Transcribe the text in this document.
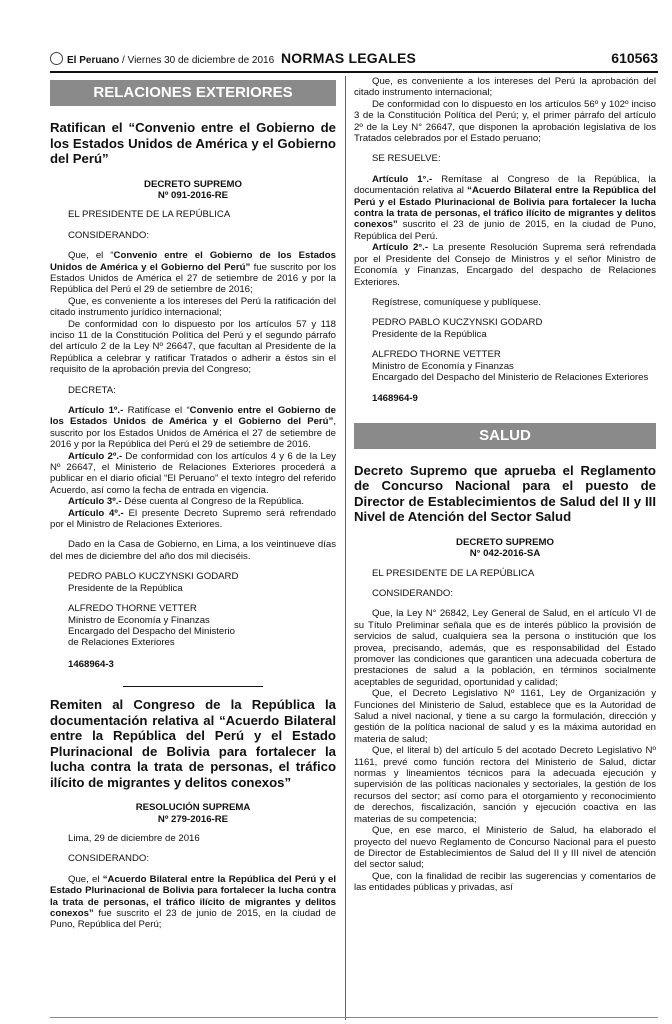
El Peruano / Viernes 30 de diciembre de 2016 NORMAS LEGALES	610563
RELACIONES EXTERIORES
Ratifican el “Convenio entre el Gobierno de los Estados Unidos de América y el Gobierno del Perú”
DECRETO SUPREMO
Nº 091-2016-RE

EL PRESIDENTE DE LA REPÚBLICA

CONSIDERANDO:

Que, el “Convenio entre el Gobierno de los Estados Unidos de América y el Gobierno del Perú” fue suscrito por los Estados Unidos de América el 27 de setiembre de 2016 y por la República del Perú el 29 de setiembre de 2016;

Que, es conveniente a los intereses del Perú la ratificación del citado instrumento jurídico internacional;

De conformidad con lo dispuesto por los artículos 57 y 118 inciso 11 de la Constitución Política del Perú y el segundo párrafo del artículo 2 de la Ley Nº 26647, que facultan al Presidente de la República a celebrar y ratificar Tratados o adherir a éstos sin el requisito de la aprobación previa del Congreso;

DECRETA:

Artículo 1º.- Ratifícase el “Convenio entre el Gobierno de los Estados Unidos de América y el Gobierno del Perú”, suscrito por los Estados Unidos de América el 27 de setiembre de 2016 y por la República del Perú el 29 de setiembre de 2016.

Artículo 2º.- De conformidad con los artículos 4 y 6 de la Ley Nº 26647, el Ministerio de Relaciones Exteriores procederá a publicar en el diario oficial “El Peruano” el texto íntegro del referido Acuerdo, así como la fecha de entrada en vigencia.

Artículo 3º.- Dése cuenta al Congreso de la República.

Artículo 4º.- El presente Decreto Supremo será refrendado por el Ministro de Relaciones Exteriores.

Dado en la Casa de Gobierno, en Lima, a los veintinueve días del mes de diciembre del año dos mil dieciséis.

PEDRO PABLO KUCZYNSKI GODARD
Presidente de la República
ALFREDO THORNE VETTER
Ministro de Economía y Finanzas
Encargado del Despacho del Ministerio
de Relaciones Exteriores
1468964-3
Remiten al Congreso de la República la documentación relativa al “Acuerdo Bilateral entre la República del Perú y el Estado Plurinacional de Bolivia para fortalecer la lucha contra la trata de personas, el tráfico ilícito de migrantes y delitos conexos”
RESOLUCIÓN SUPREMA
Nº 279-2016-RE

Lima, 29 de diciembre de 2016

CONSIDERANDO:

Que, el “Acuerdo Bilateral entre la República del Perú y el Estado Plurinacional de Bolivia para fortalecer la lucha contra la trata de personas, el tráfico ilícito de migrantes y delitos conexos” fue suscrito el 23 de junio de 2015, en la ciudad de Puno, República del Perú;

Que, es conveniente a los intereses del Perú la aprobación del citado instrumento internacional;

De conformidad con lo dispuesto en los artículos 56º y 102º inciso 3 de la Constitución Política del Perú; y, el primer párrafo del artículo 2º de la Ley N° 26647, que disponen la aprobación legislativa de los Tratados celebrados por el Estado peruano;

SE RESUELVE:

Artículo 1°.- Remítase al Congreso de la República, la documentación relativa al “Acuerdo Bilateral entre la República del Perú y el Estado Plurinacional de Bolivia para fortalecer la lucha contra la trata de personas, el tráfico ilícito de migrantes y delitos conexos” suscrito el 23 de junio de 2015, en la ciudad de Puno, República del Perú.

Artículo 2°.- La presente Resolución Suprema será refrendada por el Presidente del Consejo de Ministros y el señor Ministro de Economía y Finanzas, Encargado del despacho de Relaciones Exteriores.

Regístrese, comuníquese y publíquese.

PEDRO PABLO KUCZYNSKI GODARD
Presidente de la República
ALFREDO THORNE VETTER
Ministro de Economía y Finanzas
Encargado del Despacho del Ministerio de Relaciones Exteriores
1468964-9
SALUD
Decreto Supremo que aprueba el Reglamento de Concurso Nacional para el puesto de Director de Establecimientos de Salud del II y III Nivel de Atención del Sector Salud
DECRETO SUPREMO
N° 042-2016-SA

EL PRESIDENTE DE LA REPÚBLICA

CONSIDERANDO:

Que, la Ley N° 26842, Ley General de Salud, en el artículo VI de su Título Preliminar señala que es de interés público la provisión de servicios de salud, cualquiera sea la persona o institución que los provea, precisando, además, que es responsabilidad del Estado promover las condiciones que garanticen una adecuada cobertura de prestaciones de salud a la población, en términos socialmente aceptables de seguridad, oportunidad y calidad;

Que, el Decreto Legislativo Nº 1161, Ley de Organización y Funciones del Ministerio de Salud, establece que es la Autoridad de Salud a nivel nacional, y tiene a su cargo la formulación, dirección y gestión de la política nacional de salud y es la máxima autoridad en materia de salud;

Que, el literal b) del artículo 5 del acotado Decreto Legislativo Nº 1161, prevé como función rectora del Ministerio de Salud, dictar normas y lineamientos técnicos para la adecuada ejecución y supervisión de las políticas nacionales y sectoriales, la gestión de los recursos del sector; así como para el otorgamiento y reconocimiento de derechos, fiscalización, sanción y ejecución coactiva en las materias de su competencia;

Que, en ese marco, el Ministerio de Salud, ha elaborado el proyecto del nuevo Reglamento de Concurso Nacional para el puesto de Director de Establecimientos de Salud del II y III nivel de atención del sector salud;

Que, con la finalidad de recibir las sugerencias y comentarios de las entidades públicas y privadas, así
